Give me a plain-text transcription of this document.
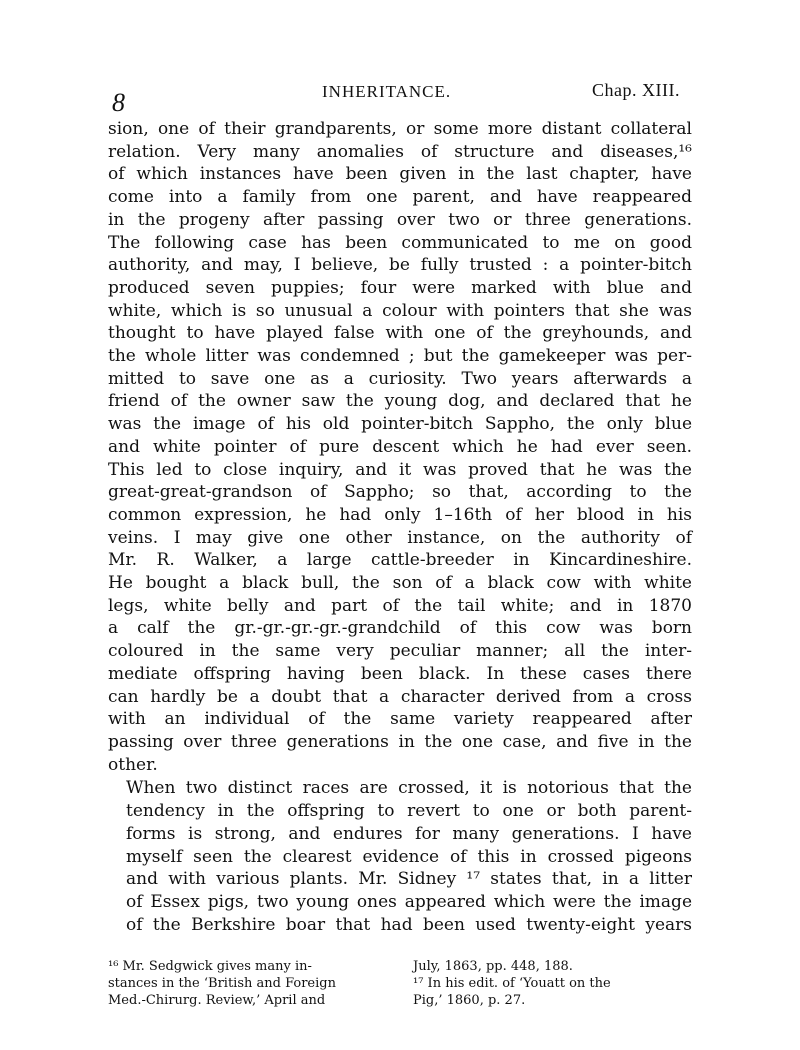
8	INHERITANCE.	Chap. XIII.

sion, one of their grandparents, or some more distant collateral
relation. Very many anomalies of structure and diseases,¹⁶
of which instances have been given in the last chapter, have
come into a family from one parent, and have reappeared
in the progeny after passing over two or three generations.
The following case has been communicated to me on good
authority, and may, I believe, be fully trusted : a pointer-bitch
produced seven puppies; four were marked with blue and
white, which is so unusual a colour with pointers that she was
thought to have played false with one of the greyhounds, and
the whole litter was condemned ; but the gamekeeper was per-
mitted to save one as a curiosity. Two years afterwards a
friend of the owner saw the young dog, and declared that he
was the image of his old pointer-bitch Sappho, the only blue
and white pointer of pure descent which he had ever seen.
This led to close inquiry, and it was proved that he was the
great-great-grandson of Sappho; so that, according to the
common expression, he had only 1–16th of her blood in his
veins. I may give one other instance, on the authority of
Mr. R. Walker, a large cattle-breeder in Kincardineshire.
He bought a black bull, the son of a black cow with white
legs, white belly and part of the tail white; and in 1870
a calf the gr.-gr.-gr.-gr.-grandchild of this cow was born
coloured in the same very peculiar manner; all the inter-
mediate offspring having been black. In these cases there
can hardly be a doubt that a character derived from a cross
with an individual of the same variety reappeared after
passing over three generations in the one case, and five in the
other.

When two distinct races are crossed, it is notorious that the
tendency in the offspring to revert to one or both parent-
forms is strong, and endures for many generations. I have
myself seen the clearest evidence of this in crossed pigeons
and with various plants. Mr. Sidney ¹⁷ states that, in a litter
of Essex pigs, two young ones appeared which were the image
of the Berkshire boar that had been used twenty-eight years

¹⁶ Mr. Sedgwick gives many in-
stances in the ‘British and Foreign
Med.-Chirurg. Review,’ April and
July, 1863, pp. 448, 188.
¹⁷ In his edit. of ‘Youatt on the
Pig,’ 1860, p. 27.
